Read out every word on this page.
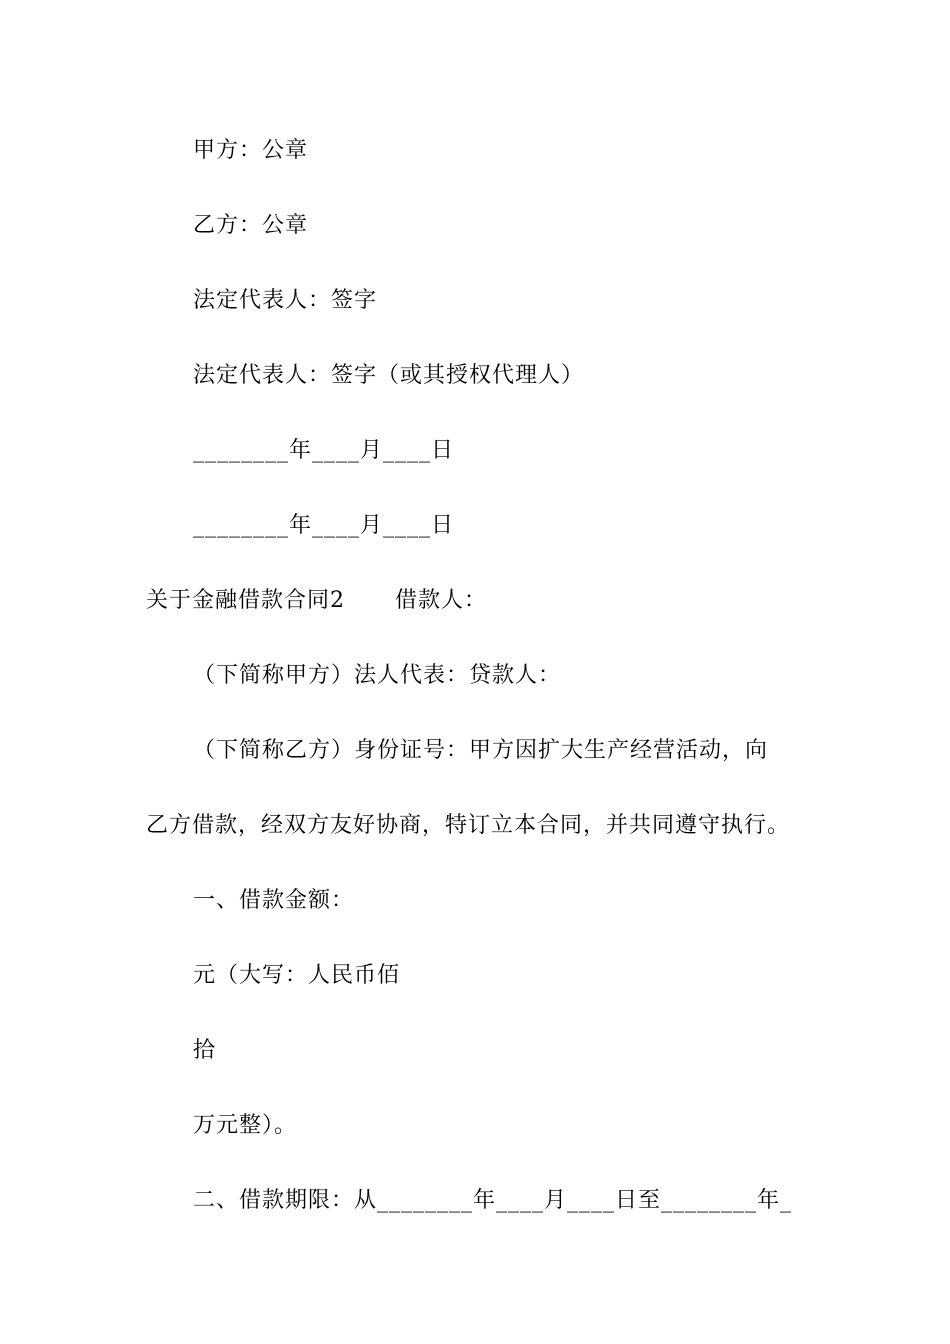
甲方：公章
乙方：公章
法定代表人：签字
法定代表人：签字（或其授权代理人）
________年____月____日
________年____月____日
关于金融借款合同2 借款人：
（下简称甲方）法人代表：贷款人：
（下简称乙方）身份证号：甲方因扩大生产经营活动，向
乙方借款，经双方友好协商，特订立本合同，并共同遵守执行。
一、借款金额：
元（大写：人民币佰
拾
万元整）。
二、借款期限：从________年____月____日至________年_
